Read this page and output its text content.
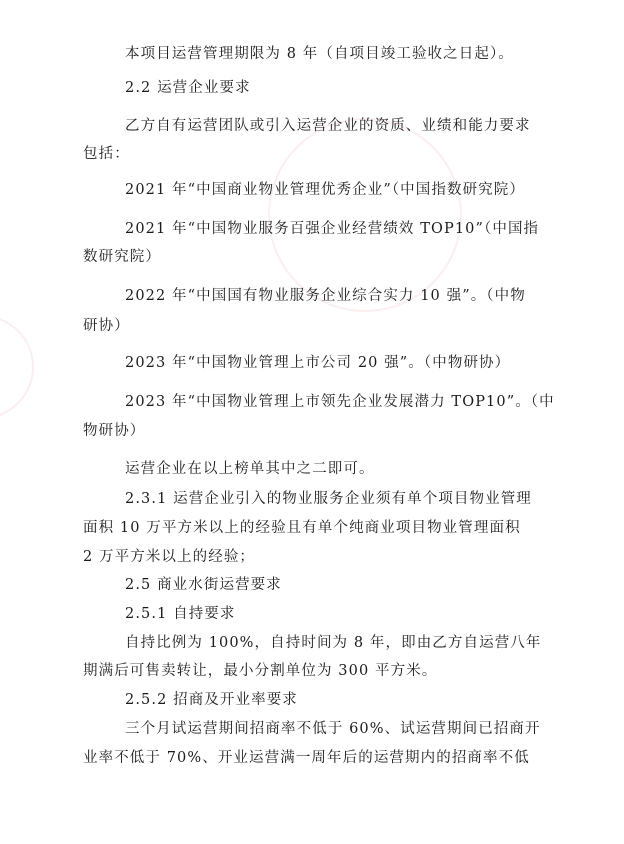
本项目运营管理期限为 8 年（自项目竣工验收之日起）。
2.2 运营企业要求
乙方自有运营团队或引入运营企业的资质、业绩和能力要求
包括：
2021 年“中国商业物业管理优秀企业”（中国指数研究院）
2021 年“中国物业服务百强企业经营绩效 TOP10”（中国指
数研究院）
2022 年“中国国有物业服务企业综合实力 10 强”。（中物
研协）
2023 年“中国物业管理上市公司 20 强”。（中物研协）
2023 年“中国物业管理上市领先企业发展潜力 TOP10”。（中
物研协）
运营企业在以上榜单其中之二即可。
2.3.1 运营企业引入的物业服务企业须有单个项目物业管理
面积 10 万平方米以上的经验且有单个纯商业项目物业管理面积
2 万平方米以上的经验；
2.5 商业水街运营要求
2.5.1 自持要求
自持比例为 100%，自持时间为 8 年，即由乙方自运营八年
期满后可售卖转让，最小分割单位为 300 平方米。
2.5.2 招商及开业率要求
三个月试运营期间招商率不低于 60%、试运营期间已招商开
业率不低于 70%、开业运营满一周年后的运营期内的招商率不低
